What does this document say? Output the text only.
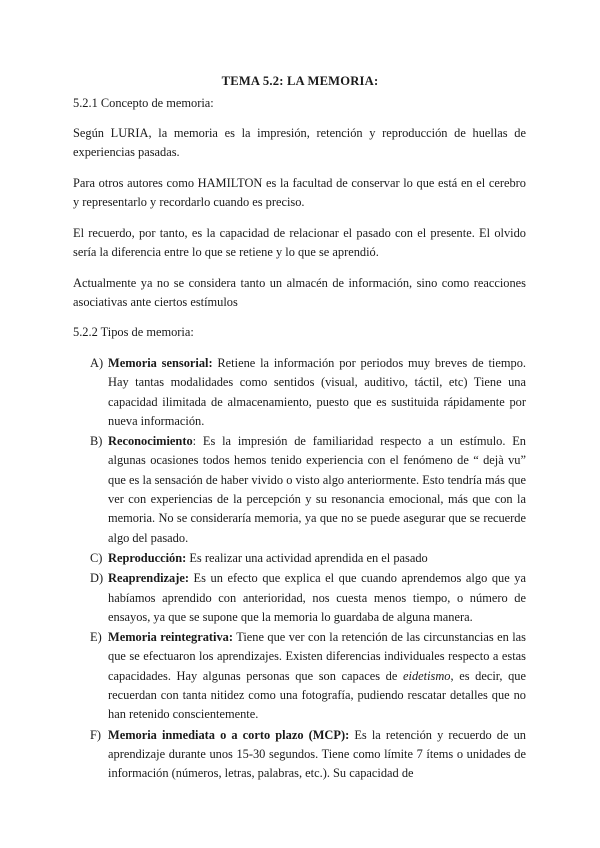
TEMA 5.2: LA MEMORIA:

5.2.1 Concepto de memoria:

Según LURIA, la memoria es la impresión, retención y reproducción de huellas de experiencias pasadas.

Para otros autores como HAMILTON es la facultad de conservar lo que está en el cerebro y representarlo y recordarlo cuando es preciso.

El recuerdo, por tanto, es la capacidad de relacionar el pasado con el presente. El olvido sería la diferencia entre lo que se retiene y lo que se aprendió.

Actualmente ya no se considera tanto un almacén de información, sino como reacciones asociativas ante ciertos estímulos

5.2.2 Tipos de memoria:

A) Memoria sensorial: Retiene la información por periodos muy breves de tiempo. Hay tantas modalidades como sentidos (visual, auditivo, táctil, etc) Tiene una capacidad ilimitada de almacenamiento, puesto que es sustituida rápidamente por nueva información.
B) Reconocimiento: Es la impresión de familiaridad respecto a un estímulo. En algunas ocasiones todos hemos tenido experiencia con el fenómeno de “ dejà vu” que es la sensación de haber vivido o visto algo anteriormente. Esto tendría más que ver con experiencias de la percepción y su resonancia emocional, más que con la memoria. No se consideraría memoria, ya que no se puede asegurar que se recuerde algo del pasado.
C) Reproducción: Es realizar una actividad aprendida en el pasado
D) Reaprendizaje: Es un efecto que explica el que cuando aprendemos algo que ya habíamos aprendido con anterioridad, nos cuesta menos tiempo, o número de ensayos, ya que se supone que la memoria lo guardaba de alguna manera.
E) Memoria reintegrativa: Tiene que ver con la retención de las circunstancias en las que se efectuaron los aprendizajes. Existen diferencias individuales respecto a estas capacidades. Hay algunas personas que son capaces de eidetismo, es decir, que recuerdan con tanta nitidez como una fotografía, pudiendo rescatar detalles que no han retenido conscientemente.
F) Memoria inmediata o a corto plazo (MCP): Es la retención y recuerdo de un aprendizaje durante unos 15-30 segundos. Tiene como límite 7 ítems o unidades de información (números, letras, palabras, etc.). Su capacidad de
